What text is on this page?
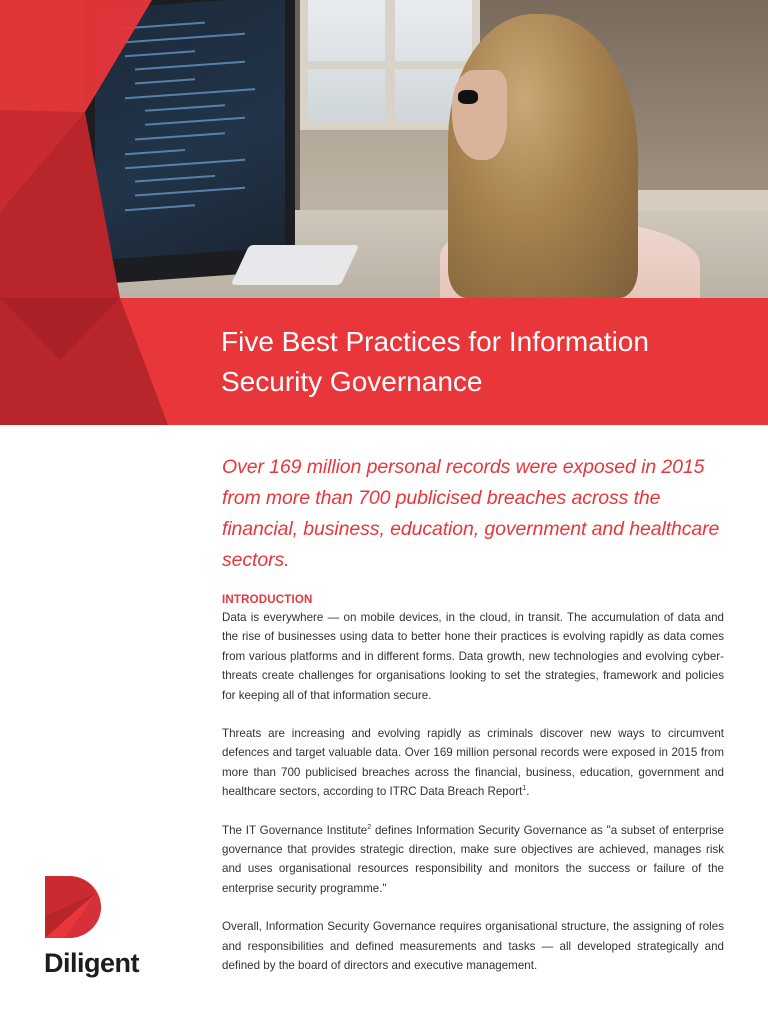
Five Best Practices for Information
Security Governance

Over 169 million personal records were exposed in 2015 from more than 700 publicised breaches across the financial, business, education, government and healthcare sectors.

INTRODUCTION

Data is everywhere — on mobile devices, in the cloud, in transit. The accumulation of data and the rise of businesses using data to better hone their practices is evolving rapidly as data comes from various platforms and in different forms. Data growth, new technologies and evolving cyber-threats create challenges for organisations looking to set the strategies, framework and policies for keeping all of that information secure.

Threats are increasing and evolving rapidly as criminals discover new ways to circumvent defences and target valuable data. Over 169 million personal records were exposed in 2015 from more than 700 publicised breaches across the financial, business, education, government and healthcare sectors, according to ITRC Data Breach Report$^1$.

The IT Governance Institute$^2$ defines Information Security Governance as "a subset of enterprise governance that provides strategic direction, make sure objectives are achieved, manages risk and uses organisational resources responsibility and monitors the success or failure of the enterprise security programme."

Overall, Information Security Governance requires organisational structure, the assigning of roles and responsibilities and defined measurements and tasks — all developed strategically and defined by the board of directors and executive management.

Diligent
